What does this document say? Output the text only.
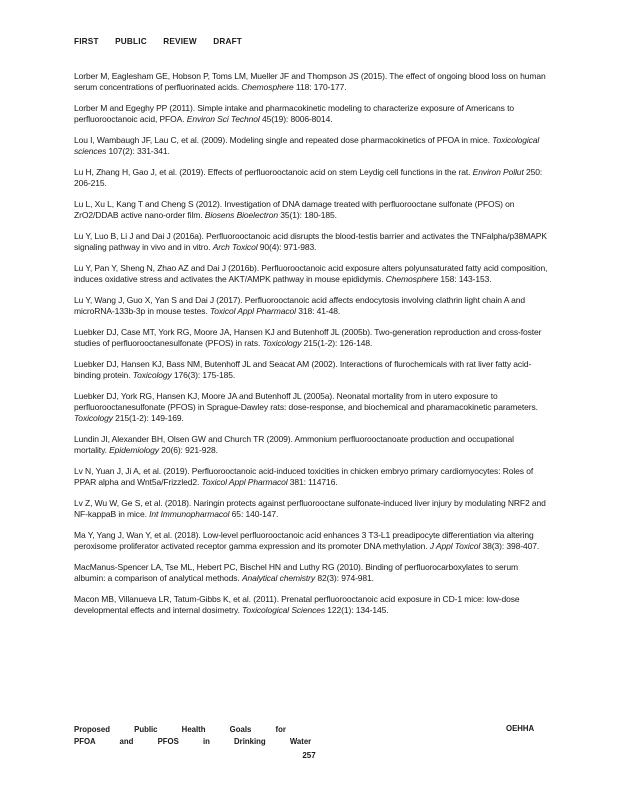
FIRST PUBLIC REVIEW DRAFT

Lorber M, Eaglesham GE, Hobson P, Toms LM, Mueller JF and Thompson JS (2015). The effect of ongoing blood loss on human serum concentrations of perfluorinated acids. Chemosphere 118: 170-177.

Lorber M and Egeghy PP (2011). Simple intake and pharmacokinetic modeling to characterize exposure of Americans to perfluorooctanoic acid, PFOA. Environ Sci Technol 45(19): 8006-8014.

Lou I, Wambaugh JF, Lau C, et al. (2009). Modeling single and repeated dose pharmacokinetics of PFOA in mice. Toxicological sciences 107(2): 331-341.

Lu H, Zhang H, Gao J, et al. (2019). Effects of perfluorooctanoic acid on stem Leydig cell functions in the rat. Environ Pollut 250: 206-215.

Lu L, Xu L, Kang T and Cheng S (2012). Investigation of DNA damage treated with perfluorooctane sulfonate (PFOS) on ZrO2/DDAB active nano-order film. Biosens Bioelectron 35(1): 180-185.

Lu Y, Luo B, Li J and Dai J (2016a). Perfluorooctanoic acid disrupts the blood-testis barrier and activates the TNFalpha/p38MAPK signaling pathway in vivo and in vitro. Arch Toxicol 90(4): 971-983.

Lu Y, Pan Y, Sheng N, Zhao AZ and Dai J (2016b). Perfluorooctanoic acid exposure alters polyunsaturated fatty acid composition, induces oxidative stress and activates the AKT/AMPK pathway in mouse epididymis. Chemosphere 158: 143-153.

Lu Y, Wang J, Guo X, Yan S and Dai J (2017). Perfluorooctanoic acid affects endocytosis involving clathrin light chain A and microRNA-133b-3p in mouse testes. Toxicol Appl Pharmacol 318: 41-48.

Luebker DJ, Case MT, York RG, Moore JA, Hansen KJ and Butenhoff JL (2005b). Two-generation reproduction and cross-foster studies of perfluorooctanesulfonate (PFOS) in rats. Toxicology 215(1-2): 126-148.

Luebker DJ, Hansen KJ, Bass NM, Butenhoff JL and Seacat AM (2002). Interactions of flurochemicals with rat liver fatty acid-binding protein. Toxicology 176(3): 175-185.

Luebker DJ, York RG, Hansen KJ, Moore JA and Butenhoff JL (2005a). Neonatal mortality from in utero exposure to perfluorooctanesulfonate (PFOS) in Sprague-Dawley rats: dose-response, and biochemical and pharamacokinetic parameters. Toxicology 215(1-2): 149-169.

Lundin JI, Alexander BH, Olsen GW and Church TR (2009). Ammonium perfluorooctanoate production and occupational mortality. Epidemiology 20(6): 921-928.

Lv N, Yuan J, Ji A, et al. (2019). Perfluorooctanoic acid-induced toxicities in chicken embryo primary cardiomyocytes: Roles of PPAR alpha and Wnt5a/Frizzled2. Toxicol Appl Pharmacol 381: 114716.

Lv Z, Wu W, Ge S, et al. (2018). Naringin protects against perfluorooctane sulfonate-induced liver injury by modulating NRF2 and NF-kappaB in mice. Int Immunopharmacol 65: 140-147.

Ma Y, Yang J, Wan Y, et al. (2018). Low-level perfluorooctanoic acid enhances 3 T3-L1 preadipocyte differentiation via altering peroxisome proliferator activated receptor gamma expression and its promoter DNA methylation. J Appl Toxicol 38(3): 398-407.

MacManus-Spencer LA, Tse ML, Hebert PC, Bischel HN and Luthy RG (2010). Binding of perfluorocarboxylates to serum albumin: a comparison of analytical methods. Analytical chemistry 82(3): 974-981.

Macon MB, Villanueva LR, Tatum-Gibbs K, et al. (2011). Prenatal perfluorooctanoic acid exposure in CD-1 mice: low-dose developmental effects and internal dosimetry. Toxicological Sciences 122(1): 134-145.

Proposed Public Health Goals for
PFOA and PFOS in Drinking Water
OEHHA
257
